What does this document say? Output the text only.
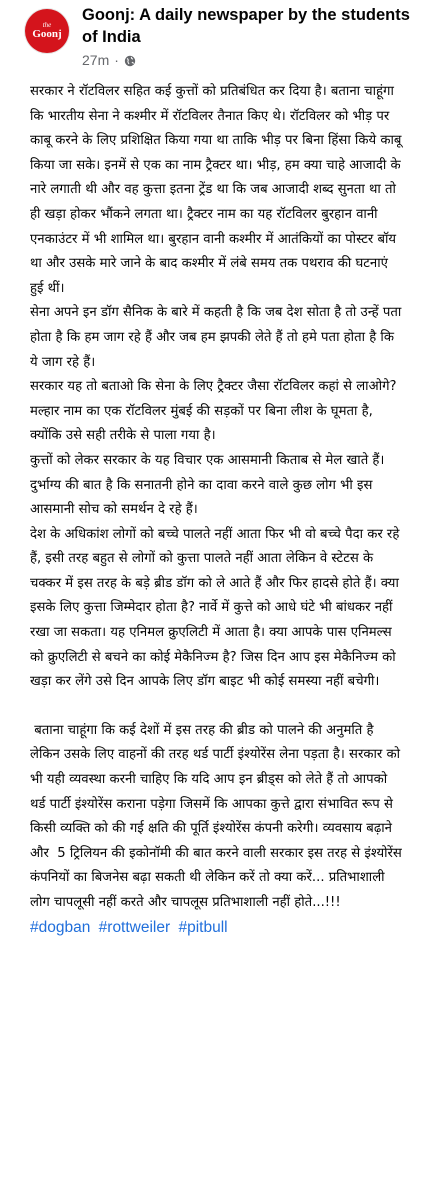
the
Goonj
Goonj: A daily newspaper by the students of India
27m ·

सरकार ने रॉटविलर सहित कई कुत्तों को प्रतिबंधित कर दिया है। बताना चाहूंगा कि भारतीय सेना ने कश्मीर में रॉटविलर तैनात किए थे। रॉटविलर को भीड़ पर काबू करने के लिए प्रशिक्षित किया गया था ताकि भीड़ पर बिना हिंसा किये काबू किया जा सके। इनमें से एक का नाम ट्रैक्टर था। भीड़, हम क्या चाहे आजादी के नारे लगाती थी और वह कुत्ता इतना ट्रेंड था कि जब आजादी शब्द सुनता था तो ही खड़ा होकर भौंकने लगता था। ट्रैक्टर नाम का यह रॉटविलर बुरहान वानी एनकाउंटर में भी शामिल था। बुरहान वानी कश्मीर में आतंकियों का पोस्टर बॉय था और उसके मारे जाने के बाद कश्मीर में लंबे समय तक पथराव की घटनाएं हुई थीं।

सेना अपने इन डॉग सैनिक के बारे में कहती है कि जब देश सोता है तो उन्हें पता होता है कि हम जाग रहे हैं और जब हम झपकी लेते हैं तो हमे पता होता है कि ये जाग रहे हैं।

सरकार यह तो बताओ कि सेना के लिए ट्रैक्टर जैसा रॉटविलर कहां से लाओगे?

मल्हार नाम का एक रॉटविलर मुंबई की सड़कों पर बिना लीश के घूमता है, क्योंकि उसे सही तरीके से पाला गया है।

कुत्तों को लेकर सरकार के यह विचार एक आसमानी किताब से मेल खाते हैं। दुर्भाग्य की बात है कि सनातनी होने का दावा करने वाले कुछ लोग भी इस आसमानी सोच को समर्थन दे रहे हैं।

देश के अधिकांश लोगों को बच्चे पालते नहीं आता फिर भी वो बच्चे पैदा कर रहे हैं, इसी तरह बहुत से लोगों को कुत्ता पालते नहीं आता लेकिन वे स्टेटस के चक्कर में इस तरह के बड़े ब्रीड डॉग को ले आते हैं और फिर हादसे होते हैं। क्या इसके लिए कुत्ता जिम्मेदार होता है? नार्वे में कुत्ते को आधे घंटे भी बांधकर नहीं रखा जा सकता। यह एनिमल क्रुएलिटी में आता है। क्या आपके पास एनिमल्स को क्रुएलिटी से बचने का कोई मेकैनिज्म है? जिस दिन आप इस मेकैनिज्म को खड़ा कर लेंगे उसे दिन आपके लिए डॉग बाइट भी कोई समस्या नहीं बचेगी।

बताना चाहूंगा कि कई देशों में इस तरह की ब्रीड को पालने की अनुमति है लेकिन उसके लिए वाहनों की तरह थर्ड पार्टी इंश्योरेंस लेना पड़ता है। सरकार को भी यही व्यवस्था करनी चाहिए कि यदि आप इन ब्रीड्स को लेते हैं तो आपको थर्ड पार्टी इंश्योरेंस कराना पड़ेगा जिसमें कि आपका कुत्ते द्वारा संभावित रूप से किसी व्यक्ति को की गई क्षति की पूर्ति इंश्योरेंस कंपनी करेगी। व्यवसाय बढ़ाने और  5 ट्रिलियन की इकोनॉमी की बात करने वाली सरकार इस तरह से इंश्योरेंस कंपनियों का बिजनेस बढ़ा सकती थी लेकिन करें तो क्या करें... प्रतिभाशाली लोग चापलूसी नहीं करते और चापलूस प्रतिभाशाली नहीं होते...!!!

#dogban #rottweiler #pitbull
